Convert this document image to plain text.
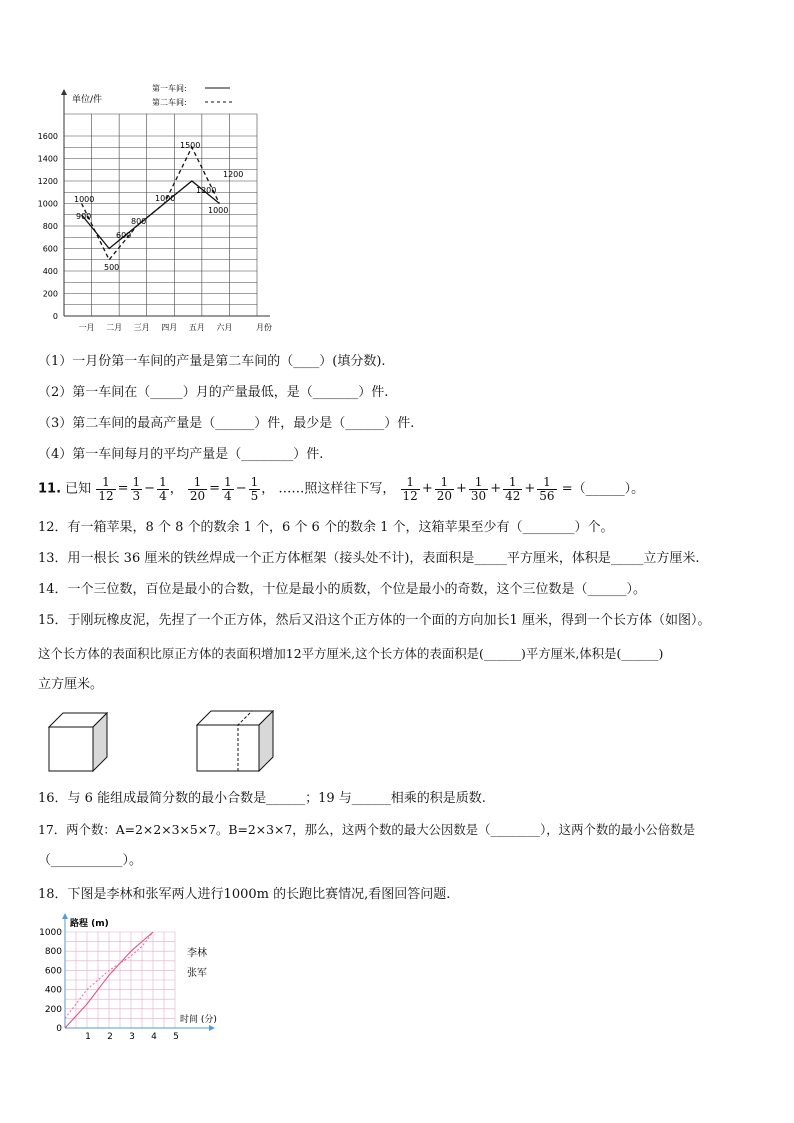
单位/件
月份
第一车间:
第二车间:
0
200
400
600
800
1000
1200
1400
1600
一月 二月 三月 四月 五月 六月
1000
900
600
500
800
1000
1500
1200
1200
1000
（1）一月份第一车间的产量是第二车间的（____）(填分数).
（2）第一车间在（_____）月的产量最低，是（_______）件.
（3）第二车间的最高产量是（______）件，最少是（______）件.
（4）第一车间每月的平均产量是（________）件.
11. 已知 $\frac{1}{12} = \frac{1}{3} - \frac{1}{4}$ ， $\frac{1}{20} = \frac{1}{4} - \frac{1}{5}$ ， ……照这样往下写， $\frac{1}{12} + \frac{1}{20} + \frac{1}{30} + \frac{1}{42} + \frac{1}{56}$ =（______）。
12．有一箱苹果，8 个 8 个的数余 1 个，6 个 6 个的数余 1 个，这箱苹果至少有（________）个。
13．用一根长 36 厘米的铁丝焊成一个正方体框架（接头处不计)，表面积是_____平方厘米，体积是_____立方厘米.
14．一个三位数，百位是最小的合数，十位是最小的质数，个位是最小的奇数，这个三位数是（______）。
15．于刚玩橡皮泥，先捏了一个正方体，然后又沿这个正方体的一个面的方向加长1 厘米，得到一个长方体（如图）。
这个长方体的表面积比原正方体的表面积增加12平方厘米,这个长方体的表面积是(______)平方厘米,体积是(______)
立方厘米。
16．与 6 能组成最简分数的最小合数是______；19 与______相乘的积是质数.
17．两个数：A=2×2×3×5×7。B=2×3×7，那么，这两个数的最大公因数是（________），这两个数的最小公倍数是
（___________）。
18．下图是李林和张军两人进行1000m 的长跑比赛情况,看图回答问题.
路程 (m)
时间 (分)
李林
张军
0
200
400
600
800
1000
1 2 3 4 5
